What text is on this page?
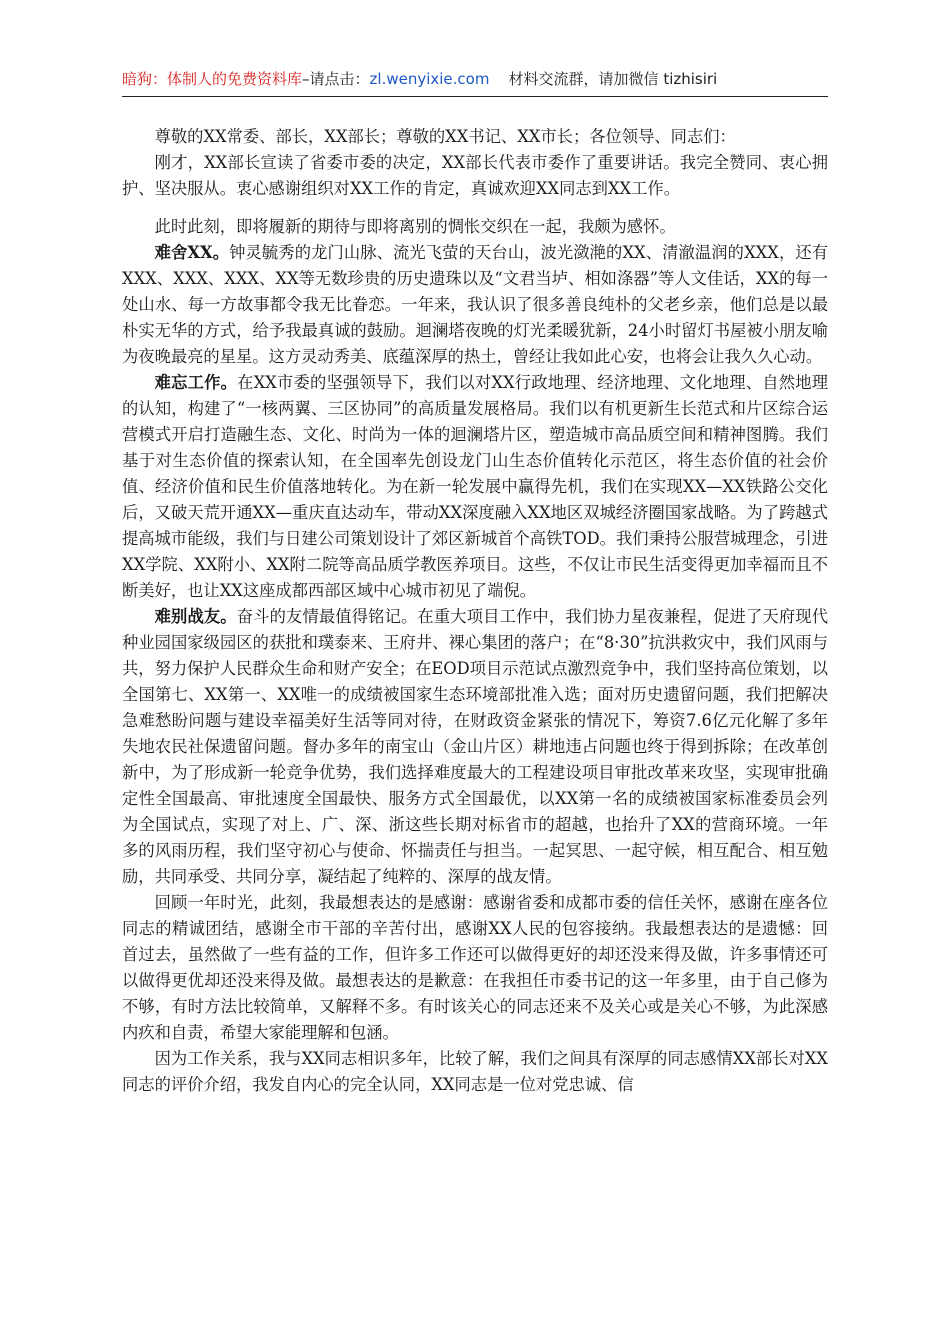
暗狗：体制人的免费资料库–请点击：zl.wenyixie.com 材料交流群，请加微信 tizhisiri

尊敬的XX常委、部长，XX部长；尊敬的XX书记、XX市长；各位领导、同志们：

刚才，XX部长宣读了省委市委的决定，XX部长代表市委作了重要讲话。我完全赞同、衷心拥护、坚决服从。衷心感谢组织对XX工作的肯定，真诚欢迎XX同志到XX工作。

此时此刻，即将履新的期待与即将离别的惆怅交织在一起，我颇为感怀。

难舍XX。钟灵毓秀的龙门山脉、流光飞萤的天台山，波光潋滟的XX、清澈温润的XXX，还有XXX、XXX、XXX、XX等无数珍贵的历史遗珠以及“文君当垆、相如涤器”等人文佳话，XX的每一处山水、每一方故事都令我无比眷恋。一年来，我认识了很多善良纯朴的父老乡亲，他们总是以最朴实无华的方式，给予我最真诚的鼓励。迴澜塔夜晚的灯光柔暖犹新，24小时留灯书屋被小朋友喻为夜晚最亮的星星。这方灵动秀美、底蕴深厚的热土，曾经让我如此心安，也将会让我久久心动。

难忘工作。在XX市委的坚强领导下，我们以对XX行政地理、经济地理、文化地理、自然地理的认知，构建了“一核两翼、三区协同”的高质量发展格局。我们以有机更新生长范式和片区综合运营模式开启打造融生态、文化、时尚为一体的迴澜塔片区，塑造城市高品质空间和精神图腾。我们基于对生态价值的探索认知，在全国率先创设龙门山生态价值转化示范区，将生态价值的社会价值、经济价值和民生价值落地转化。为在新一轮发展中赢得先机，我们在实现XX—XX铁路公交化后，又破天荒开通XX—重庆直达动车，带动XX深度融入XX地区双城经济圈国家战略。为了跨越式提高城市能级，我们与日建公司策划设计了郊区新城首个高铁TOD。我们秉持公服营城理念，引进XX学院、XX附小、XX附二院等高品质学教医养项目。这些，不仅让市民生活变得更加幸福而且不断美好，也让XX这座成都西部区域中心城市初见了端倪。

难别战友。奋斗的友情最值得铭记。在重大项目工作中，我们协力星夜兼程，促进了天府现代种业园国家级园区的获批和璞泰来、王府井、裸心集团的落户；在“8·30”抗洪救灾中，我们风雨与共，努力保护人民群众生命和财产安全；在EOD项目示范试点激烈竞争中，我们坚持高位策划，以全国第七、XX第一、XX唯一的成绩被国家生态环境部批准入选；面对历史遗留问题，我们把解决急难愁盼问题与建设幸福美好生活等同对待，在财政资金紧张的情况下，筹资7.6亿元化解了多年失地农民社保遗留问题。督办多年的南宝山（金山片区）耕地违占问题也终于得到拆除；在改革创新中，为了形成新一轮竞争优势，我们选择难度最大的工程建设项目审批改革来攻坚，实现审批确定性全国最高、审批速度全国最快、服务方式全国最优，以XX第一名的成绩被国家标准委员会列为全国试点，实现了对上、广、深、浙这些长期对标省市的超越，也抬升了XX的营商环境。一年多的风雨历程，我们坚守初心与使命、怀揣责任与担当。一起冥思、一起守候，相互配合、相互勉励，共同承受、共同分享，凝结起了纯粹的、深厚的战友情。

回顾一年时光，此刻，我最想表达的是感谢：感谢省委和成都市委的信任关怀，感谢在座各位同志的精诚团结，感谢全市干部的辛苦付出，感谢XX人民的包容接纳。我最想表达的是遗憾：回首过去，虽然做了一些有益的工作，但许多工作还可以做得更好的却还没来得及做，许多事情还可以做得更优却还没来得及做。最想表达的是歉意：在我担任市委书记的这一年多里，由于自己修为不够，有时方法比较简单，又解释不多。有时该关心的同志还来不及关心或是关心不够，为此深感内疚和自责，希望大家能理解和包涵。

因为工作关系，我与XX同志相识多年，比较了解，我们之间具有深厚的同志感情XX部长对XX同志的评价介绍，我发自内心的完全认同，XX同志是一位对党忠诚、信
